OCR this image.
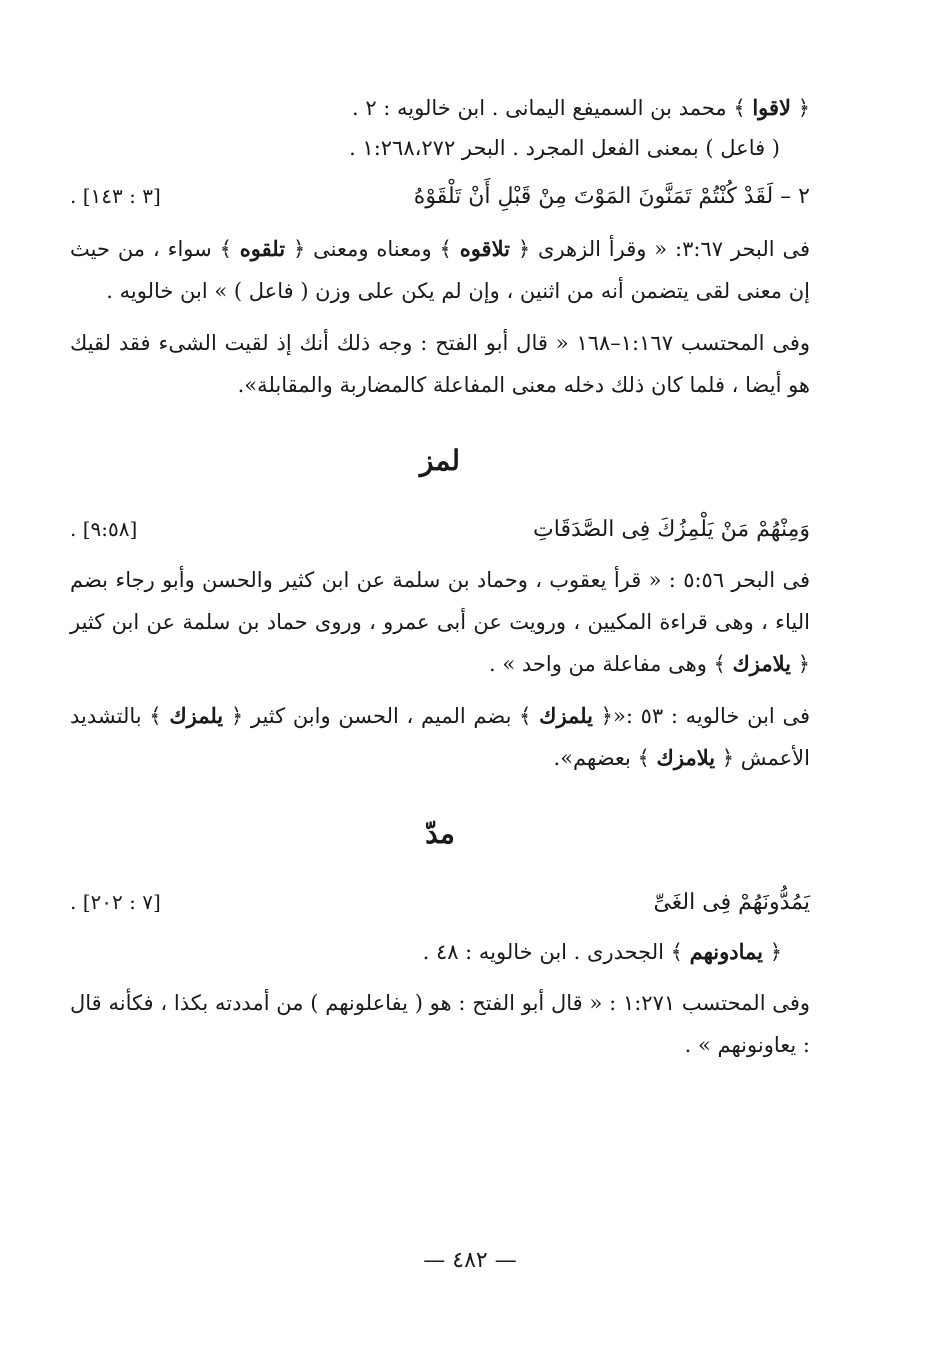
﴿ لاقوا ﴾ محمد بن السميفع اليمانى . ابن خالويه : ٢ .
( فاعل ) بمعنى الفعل المجرد . البحر ١:٢٦٨،٢٧٢ .
٢ – لَقَدْ كُنْتُمْ تَمَنَّونَ المَوْتَ مِنْ قَبْلِ أَنْ تَلْقَوْهُ
[٣ : ١٤٣] .
فى البحر ٣:٦٧: « وقرأ الزهرى ﴿ تلاقوه ﴾ ومعناه ومعنى ﴿ تلقوه ﴾ سواء ، من حيث إن معنى لقى يتضمن أنه من اثنين ، وإن لم يكن على وزن ( فاعل ) » ابن خالويه .
وفى المحتسب ١:١٦٧–١٦٨ « قال أبو الفتح : وجه ذلك أنك إذ لقيت الشىء فقد لقيك هو أيضا ، فلما كان ذلك دخله معنى المفاعلة كالمضاربة والمقابلة».
لمز
وَمِنْهُمْ مَنْ يَلْمِزُكَ فِى الصَّدَقَاتِ
[٩:٥٨] .
فى البحر ٥:٥٦ : « قرأ يعقوب ، وحماد بن سلمة عن ابن كثير والحسن وأبو رجاء بضم الياء ، وهى قراءة المكيين ، ورويت عن أبى عمرو ، وروى حماد بن سلمة عن ابن كثير ﴿ يلامزك ﴾ وهى مفاعلة من واحد » .
فى ابن خالويه : ٥٣ :«﴿ يلمزك ﴾ بضم الميم ، الحسن وابن كثير ﴿ يلمزك ﴾ بالتشديد الأعمش ﴿ يلامزك ﴾ بعضهم».
مدّ
يَمُدُّونَهُمْ فِى الغَىِّ
[٧ : ٢٠٢] .
﴿ يمادونهم ﴾ الجحدرى . ابن خالويه : ٤٨ .
وفى المحتسب ١:٢٧١ : « قال أبو الفتح : هو ( يفاعلونهم ) من أمددته بكذا ، فكأنه قال : يعاونونهم » .
— ٤٨٢ —
